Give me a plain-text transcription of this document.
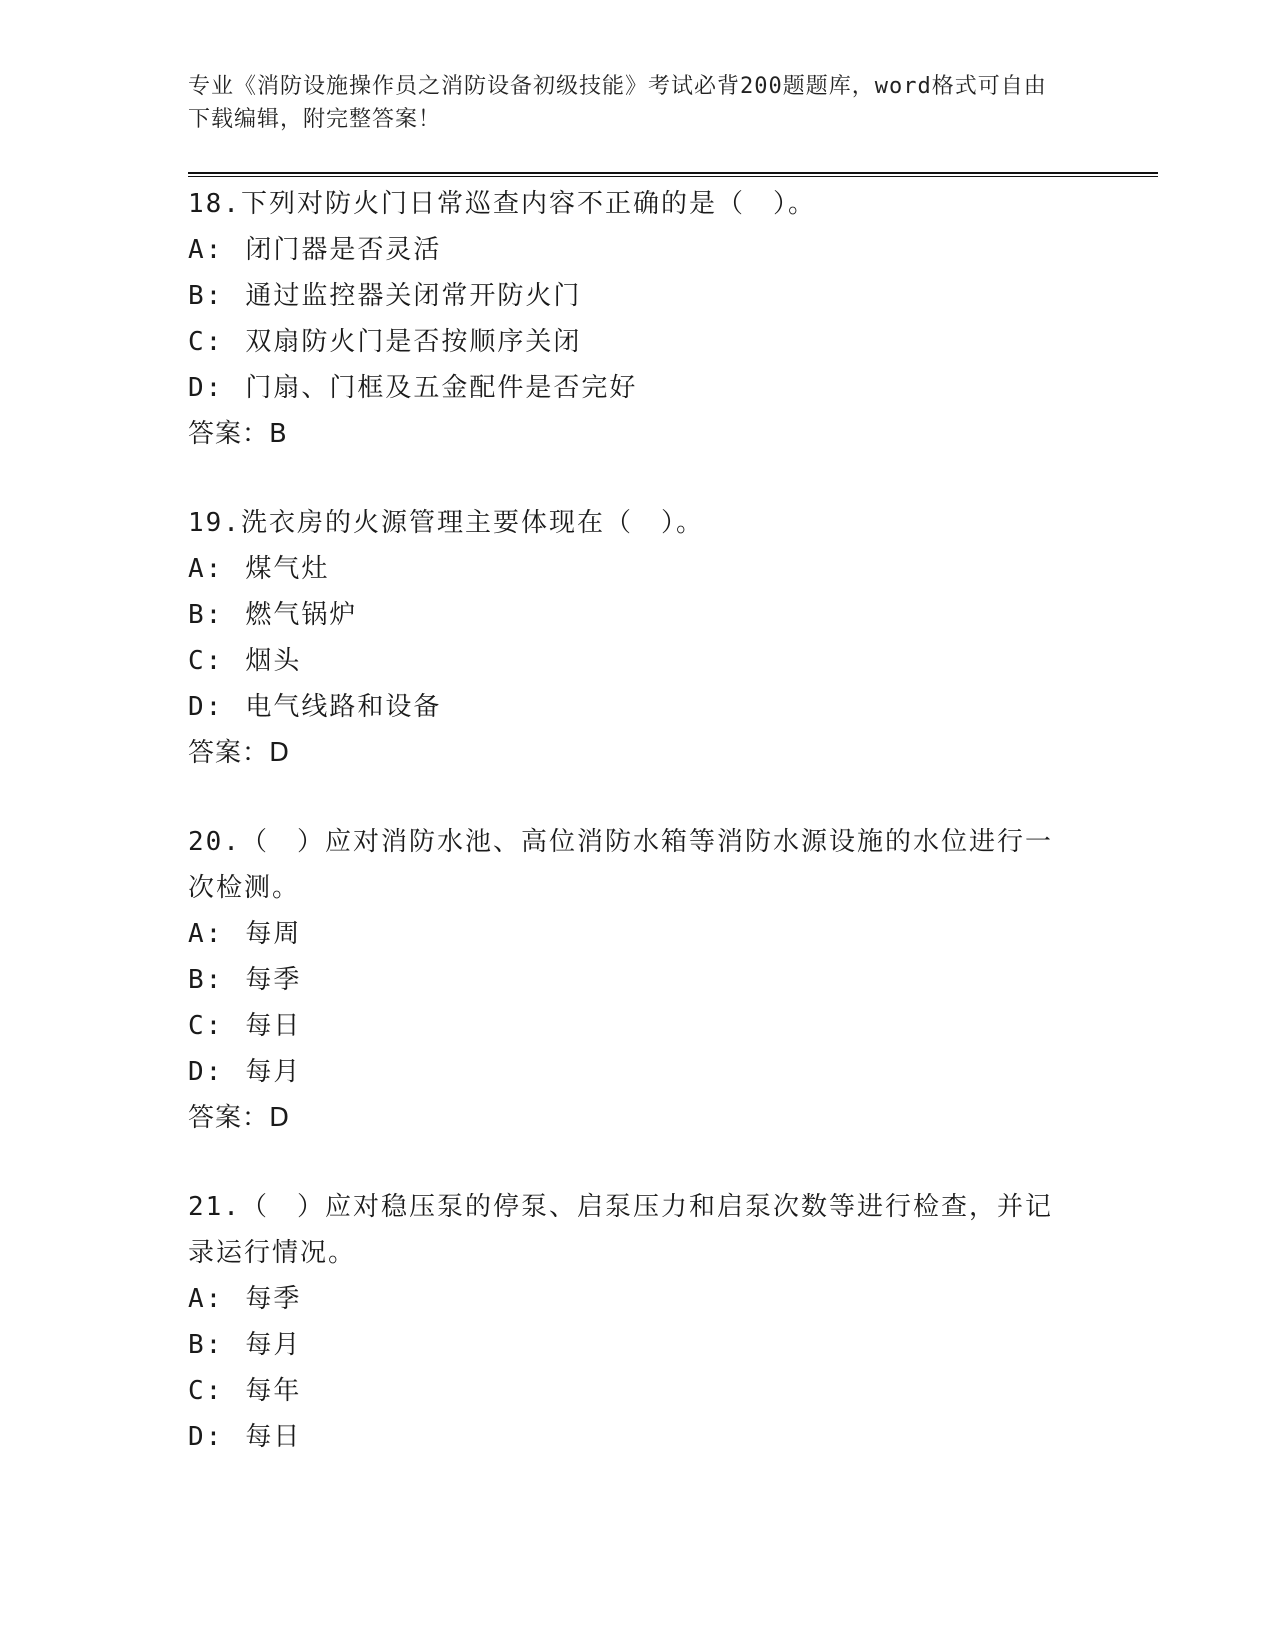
专业《消防设施操作员之消防设备初级技能》考试必背200题题库，word格式可自由下载编辑，附完整答案！

18.下列对防火门日常巡查内容不正确的是（　）。

A: 闭门器是否灵活

B: 通过监控器关闭常开防火门

C: 双扇防火门是否按顺序关闭

D: 门扇、门框及五金配件是否完好

答案：B

19.洗衣房的火源管理主要体现在（　）。

A: 煤气灶

B: 燃气锅炉

C: 烟头

D: 电气线路和设备

答案：D

20.（　）应对消防水池、高位消防水箱等消防水源设施的水位进行一次检测。

A: 每周

B: 每季

C: 每日

D: 每月

答案：D

21.（　）应对稳压泵的停泵、启泵压力和启泵次数等进行检查，并记录运行情况。

A: 每季

B: 每月

C: 每年

D: 每日
